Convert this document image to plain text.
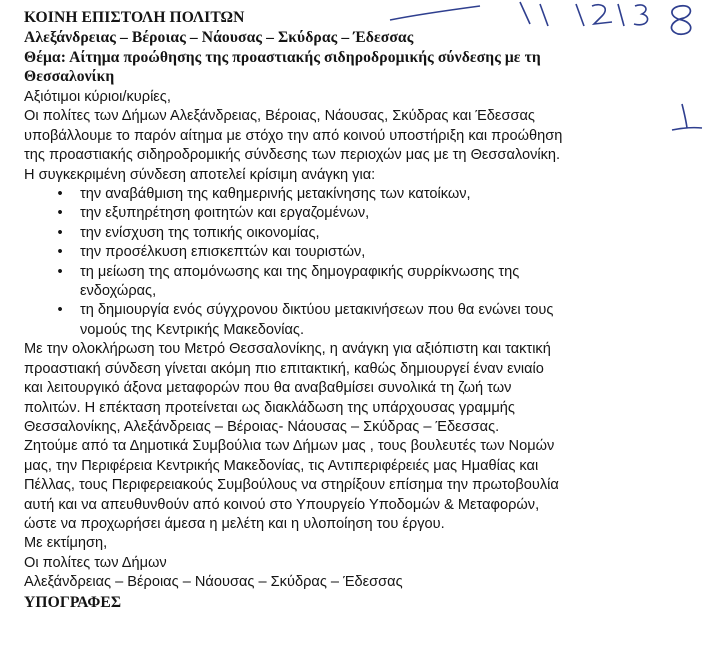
ΚΟΙΝΗ ΕΠΙΣΤΟΛΗ ΠΟΛΙΤΩΝ
Αλεξάνδρειας – Βέροιας – Νάουσας – Σκύδρας – Έδεσσας
Θέμα: Αίτημα προώθησης της προαστιακής σιδηροδρομικής σύνδεσης με τη
Θεσσαλονίκη
Αξιότιμοι κύριοι/κυρίες,
Οι πολίτες των Δήμων Αλεξάνδρειας, Βέροιας, Νάουσας, Σκύδρας και Έδεσσας
υποβάλλουμε το παρόν αίτημα με στόχο την από κοινού υποστήριξη και προώθηση
της προαστιακής σιδηροδρομικής σύνδεσης των περιοχών μας με τη Θεσσαλονίκη.
Η συγκεκριμένη σύνδεση αποτελεί κρίσιμη ανάγκη για:
• την αναβάθμιση της καθημερινής μετακίνησης των κατοίκων,
• την εξυπηρέτηση φοιτητών και εργαζομένων,
• την ενίσχυση της τοπικής οικονομίας,
• την προσέλκυση επισκεπτών και τουριστών,
• τη μείωση της απομόνωσης και της δημογραφικής συρρίκνωσης της
ενδοχώρας,
• τη δημιουργία ενός σύγχρονου δικτύου μετακινήσεων που θα ενώνει τους
νομούς της Κεντρικής Μακεδονίας.
Με την ολοκλήρωση του Μετρό Θεσσαλονίκης, η ανάγκη για αξιόπιστη και τακτική
προαστιακή σύνδεση γίνεται ακόμη πιο επιτακτική, καθώς δημιουργεί έναν ενιαίο
και λειτουργικό άξονα μεταφορών που θα αναβαθμίσει συνολικά τη ζωή των
πολιτών. Η επέκταση προτείνεται ως διακλάδωση της υπάρχουσας γραμμής
Θεσσαλονίκης, Αλεξάνδρειας – Βέροιας- Νάουσας – Σκύδρας – Έδεσσας.
Ζητούμε από τα Δημοτικά Συμβούλια των Δήμων μας , τους βουλευτές των Νομών
μας, την Περιφέρεια Κεντρικής Μακεδονίας, τις Αντιπεριφέρειές μας Ημαθίας και
Πέλλας, τους Περιφερειακούς Συμβούλους να στηρίξουν επίσημα την πρωτοβουλία
αυτή και να απευθυνθούν από κοινού στο Υπουργείο Υποδομών & Μεταφορών,
ώστε να προχωρήσει άμεσα η μελέτη και η υλοποίηση του έργου.
Με εκτίμηση,
Οι πολίτες των Δήμων
Αλεξάνδρειας – Βέροιας – Νάουσας – Σκύδρας – Έδεσσας
ΥΠΟΓΡΑΦΕΣ
